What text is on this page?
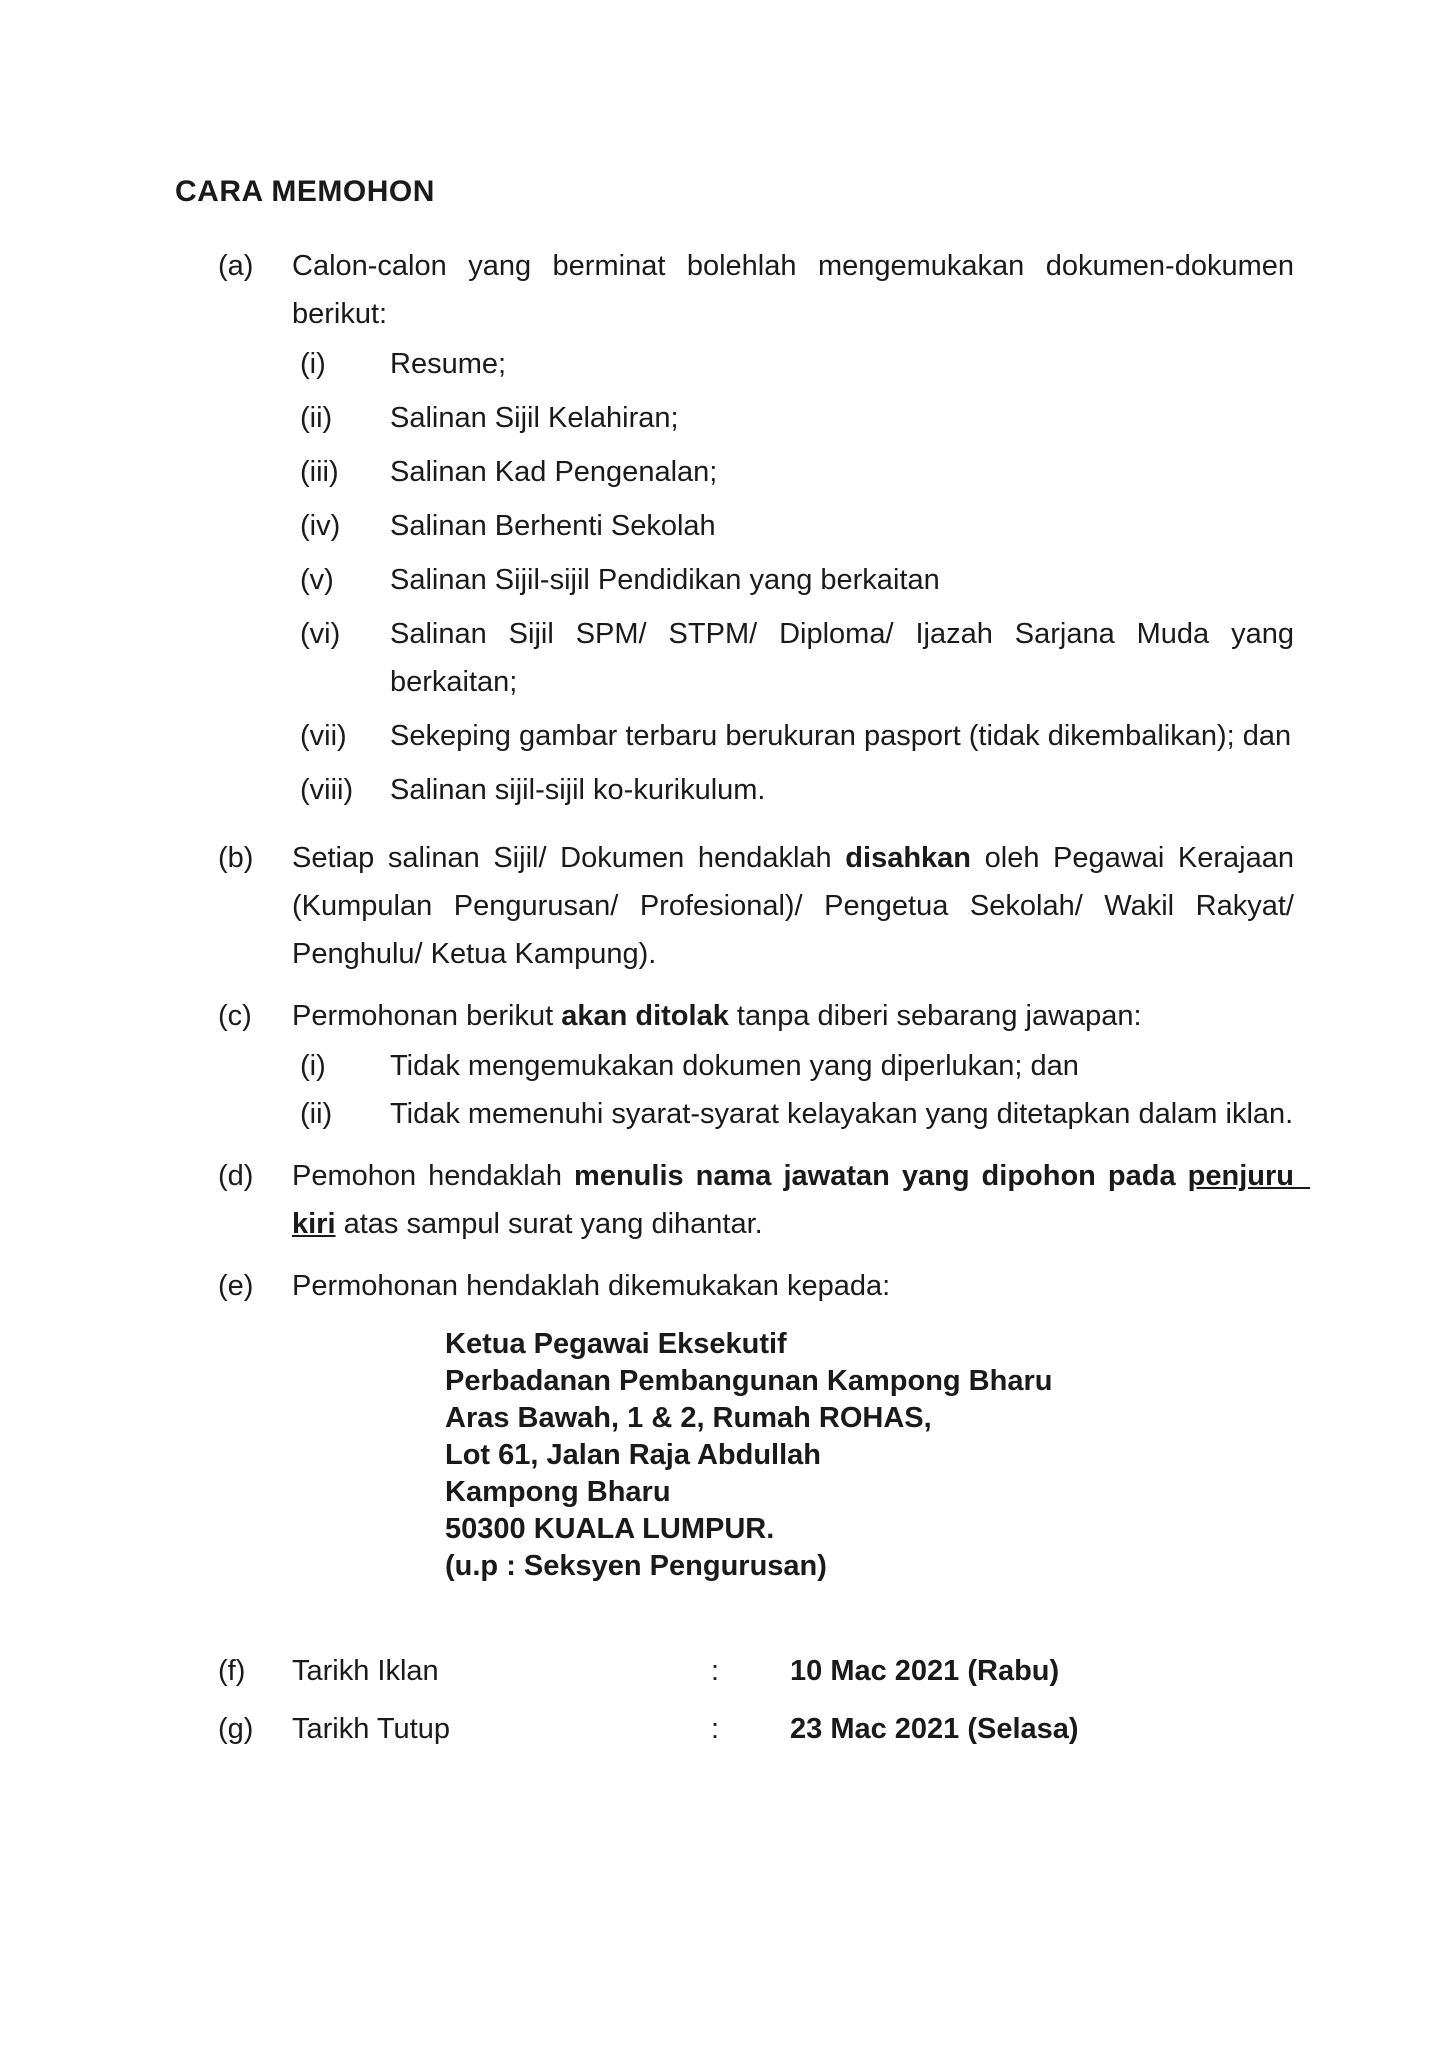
CARA MEMOHON
(a)	Calon-calon yang berminat bolehlah mengemukakan dokumen-dokumen berikut:

(i)	Resume;

(ii)	Salinan Sijil Kelahiran;

(iii)	Salinan Kad Pengenalan;

(iv)	Salinan Berhenti Sekolah

(v)	Salinan Sijil-sijil Pendidikan yang berkaitan

(vi)	Salinan Sijil SPM/ STPM/ Diploma/ Ijazah Sarjana Muda yang berkaitan;

(vii)	Sekeping gambar terbaru berukuran pasport (tidak dikembalikan); dan

(viii)	Salinan sijil-sijil ko-kurikulum.

(b)	Setiap salinan Sijil/ Dokumen hendaklah disahkan oleh Pegawai Kerajaan (Kumpulan Pengurusan/ Profesional)/ Pengetua Sekolah/ Wakil Rakyat/ Penghulu/ Ketua Kampung).

(c)	Permohonan berikut akan ditolak tanpa diberi sebarang jawapan:

(i)	Tidak mengemukakan dokumen yang diperlukan; dan

(ii)	Tidak memenuhi syarat-syarat kelayakan yang ditetapkan dalam iklan.

(d)	Pemohon hendaklah menulis nama jawatan yang dipohon pada penjuru  kiri atas sampul surat yang dihantar.

(e)	Permohonan hendaklah dikemukakan kepada:

Ketua Pegawai Eksekutif
Perbadanan Pembangunan Kampong Bharu
Aras Bawah, 1 & 2, Rumah ROHAS,
Lot 61, Jalan Raja Abdullah
Kampong Bharu
50300 KUALA LUMPUR.
(u.p : Seksyen Pengurusan)
(f)	Tarikh Iklan	:	10 Mac 2021 (Rabu)
(g)	Tarikh Tutup	:	23 Mac 2021 (Selasa)
